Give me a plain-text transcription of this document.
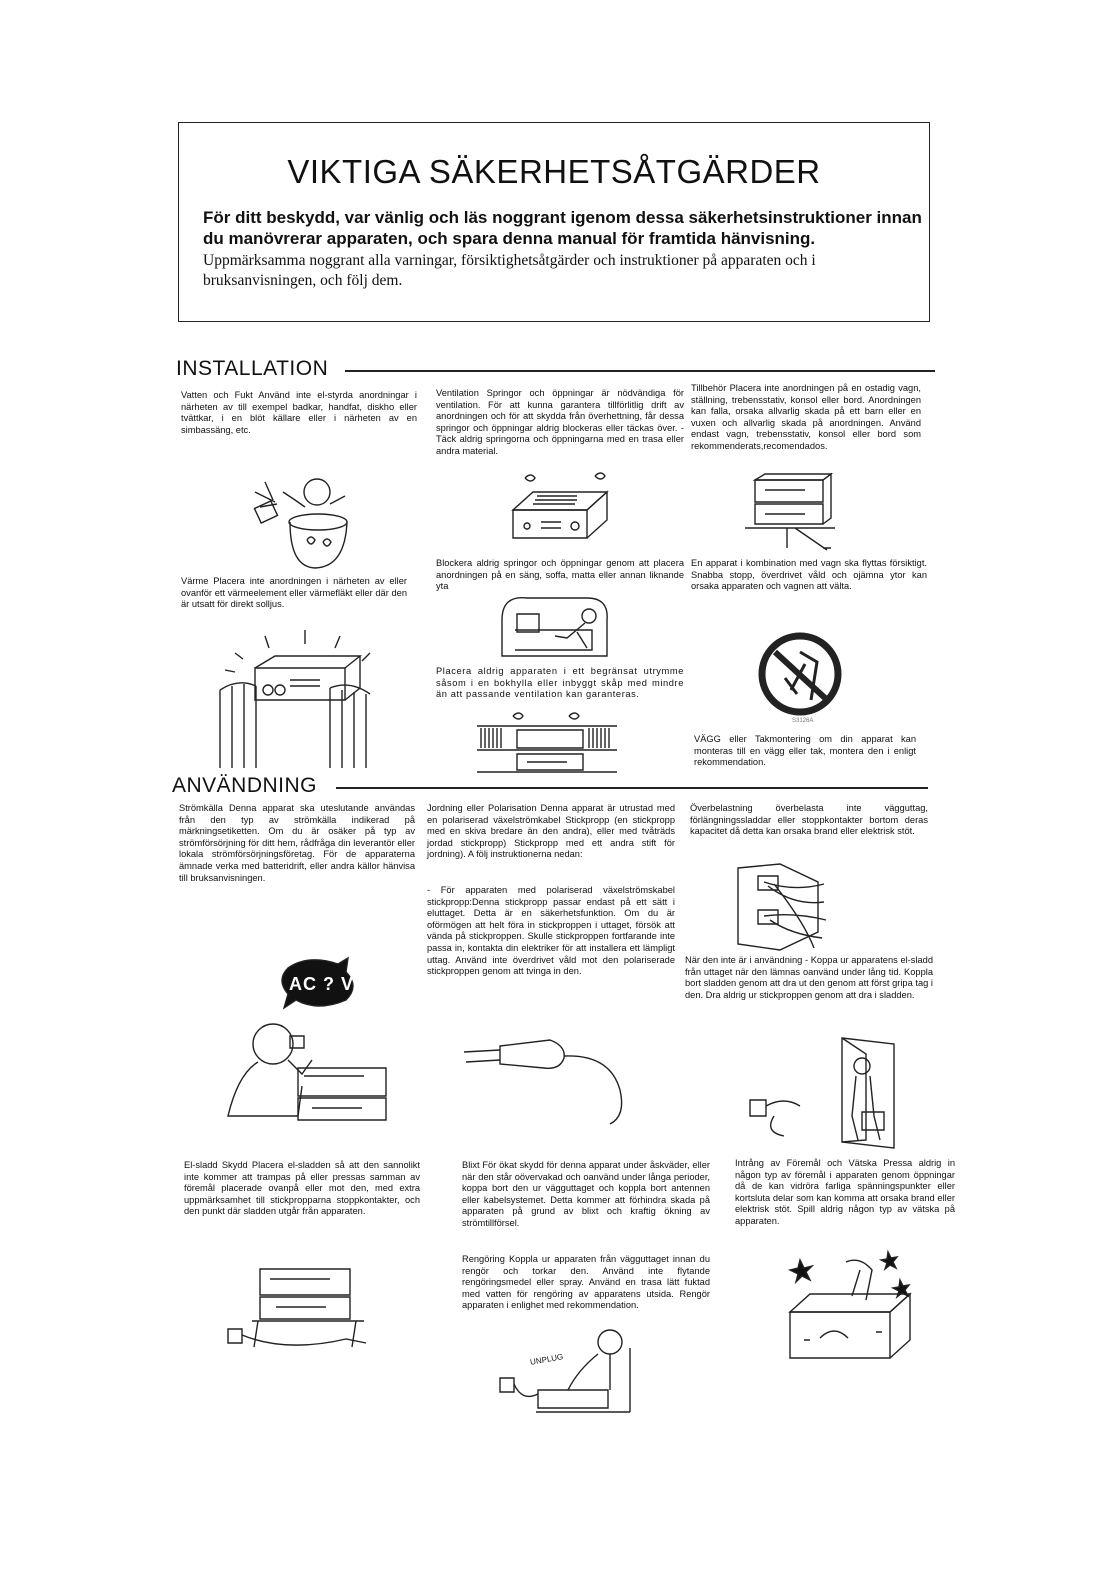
VIKTIGA SÄKERHETSÅTGÄRDER
För ditt beskydd, var vänlig och läs noggrant igenom dessa säkerhetsinstruktioner innan du manövrerar apparaten, och spara denna manual för framtida hänvisning.
Uppmärksamma noggrant alla varningar, försiktighetsåtgärder och instruktioner på apparaten och i bruksanvisningen, och följ dem.
INSTALLATION
Vatten och Fukt Använd inte el-styrda anordningar i närheten av till exempel badkar, handfat, diskho eller tvättkar, i en blöt källare eller i närheten av en simbassäng, etc.
Värme Placera inte anordningen i närheten av eller ovanför ett värmeelement eller värmefläkt eller där den är utsatt för direkt solljus.
Ventilation Springor och öppningar är nödvändiga för ventilation. För att kunna garantera tillförlitlig drift av anordningen och för att skydda från överhettning, får dessa springor och öppningar aldrig blockeras eller täckas över. - Täck aldrig springorna och öppningarna med en trasa eller andra material.
Blockera aldrig springor och öppningar genom att placera anordningen på en säng, soffa, matta eller annan liknande yta
Placera aldrig apparaten i ett begränsat utrymme såsom i en bokhylla eller inbyggt skåp med mindre än att passande ventilation kan garanteras.
Tillbehör Placera inte anordningen på en ostadig vagn, ställning, trebensstativ, konsol eller bord. Anordningen kan falla, orsaka allvarlig skada på ett barn eller en vuxen och allvarlig skada på anordningen. Använd endast vagn, trebensstativ, konsol eller bord som rekommenderats,recomendados.
En apparat i kombination med vagn ska flyttas försiktigt. Snabba stopp, överdrivet våld och ojämna ytor kan orsaka apparaten och vagnen att välta.
S3126A
VÄGG eller Takmontering om din apparat kan monteras till en vägg eller tak, montera den i enligt rekommendation.
ANVÄNDNING
Strömkälla Denna apparat ska uteslutande användas från den typ av strömkälla indikerad på märkningsetiketten. Om du är osäker på typ av strömförsörjning för ditt hem, rådfråga din leverantör eller lokala strömförsörjningsföretag. För de apparaterna ämnade verka med batteridrift, eller andra källor hänvisa till bruksanvisningen.
AC ? V
El-sladd Skydd Placera el-sladden så att den sannolikt inte kommer att trampas på eller pressas samman av föremål placerade ovanpå eller mot den, med extra uppmärksamhet till stickpropparna stoppkontakter, och den punkt där sladden utgår från apparaten.
Jordning eller Polarisation Denna apparat är utrustad med en polariserad växelströmkabel Stickpropp (en stickpropp med en skiva bredare än den andra), eller med tvåträds jordad stickpropp) Stickpropp med ett andra stift för jordning). A följ instruktionerna nedan:
- För apparaten med polariserad växelströmskabel stickpropp:Denna stickpropp passar endast på ett sätt i eluttaget. Detta är en säkerhetsfunktion. Om du är oförmögen att helt föra in stickproppen i uttaget, försök att vända på stickproppen. Skulle stickproppen fortfarande inte passa in, kontakta din elektriker för att installera ett lämpligt uttag. Använd inte överdrivet våld mot den polariserade stickproppen genom att tvinga in den.
Blixt För ökat skydd för denna apparat under åskväder, eller när den står oövervakad och oanvänd under långa perioder, koppa bort den ur vägguttaget och koppla bort antennen eller kabelsystemet. Detta kommer att förhindra skada på apparaten på grund av blixt och kraftig ökning av strömtillförsel.
Rengöring Koppla ur apparaten från vägguttaget innan du rengör och torkar den. Använd inte flytande rengöringsmedel eller spray. Använd en trasa lätt fuktad med vatten för rengöring av apparatens utsida. Rengör apparaten i enlighet med rekommendation.
UNPLUG
Överbelastning överbelasta inte vägguttag, förlängningssladdar eller stoppkontakter bortom deras kapacitet då detta kan orsaka brand eller elektrisk stöt.
När den inte är i användning - Koppa ur apparatens el-sladd från uttaget när den lämnas oanvänd under lång tid. Koppla bort sladden genom att dra ut den genom att först gripa tag i den. Dra aldrig ur stickproppen genom att dra i sladden.
Intrång av Föremål och Vätska Pressa aldrig in någon typ av föremål i apparaten genom öppningar då de kan vidröra farliga spänningspunkter eller kortsluta delar som kan komma att orsaka brand eller elektrisk stöt. Spill aldrig någon typ av vätska på apparaten.
